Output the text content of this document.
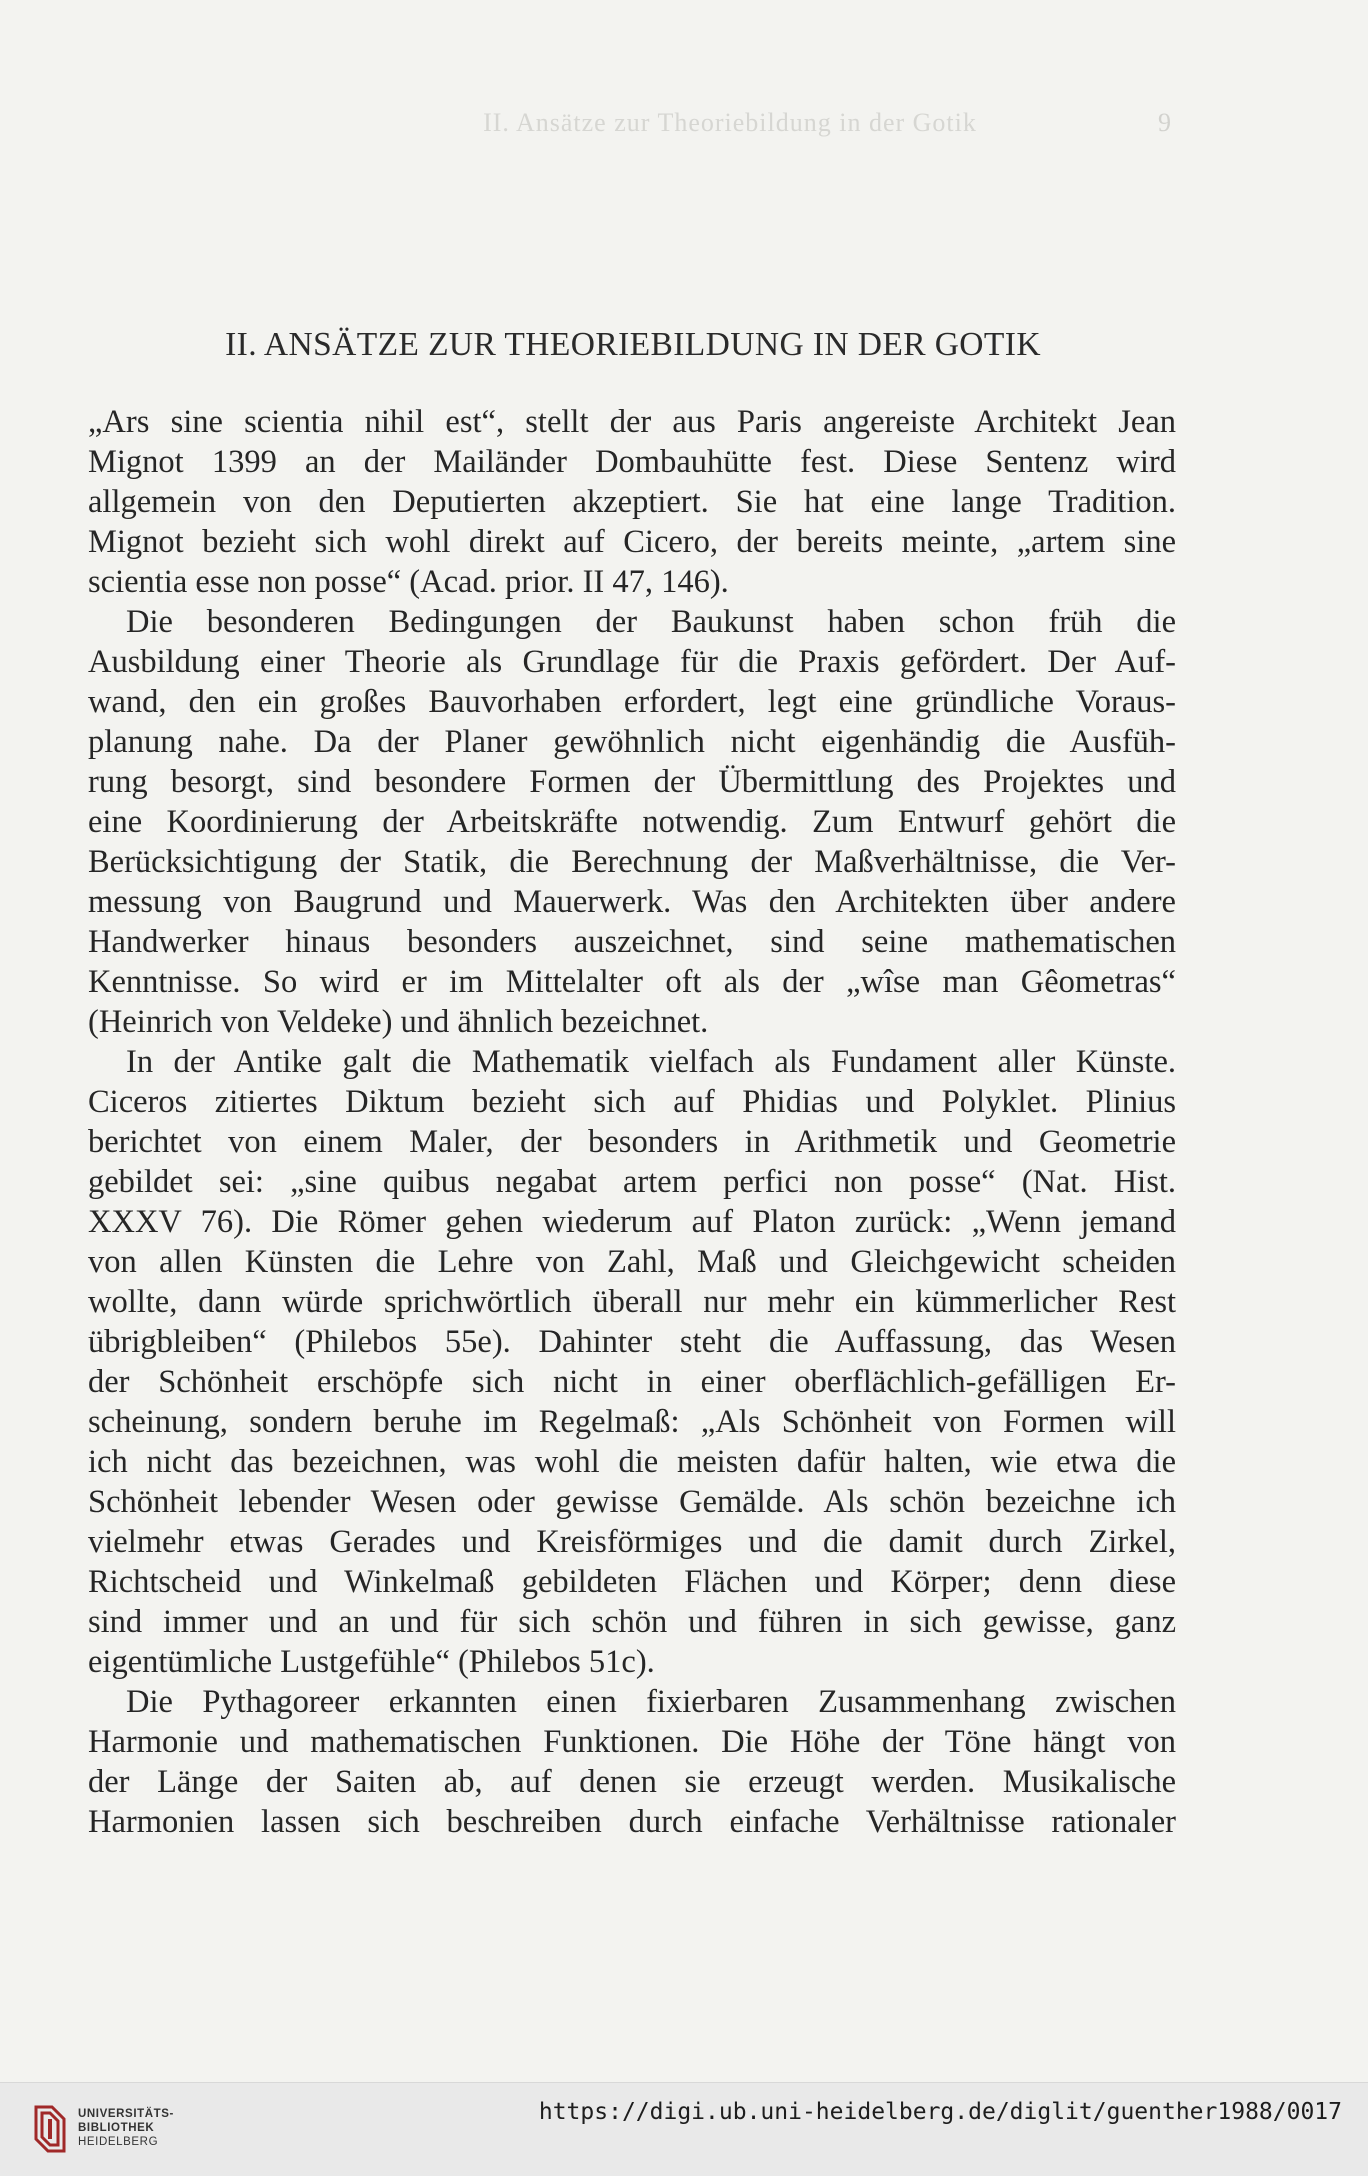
II. Ansätze zur Theoriebildung in der Gotik	9
II. ANSÄTZE ZUR THEORIEBILDUNG IN DER GOTIK
„Ars sine scientia nihil est“, stellt der aus Paris angereiste Architekt Jean
Mignot 1399 an der Mailänder Dombauhütte fest. Diese Sentenz wird
allgemein von den Deputierten akzeptiert. Sie hat eine lange Tradition.
Mignot bezieht sich wohl direkt auf Cicero, der bereits meinte, „artem sine
scientia esse non posse“ (Acad. prior. II 47, 146).
Die besonderen Bedingungen der Baukunst haben schon früh die
Ausbildung einer Theorie als Grundlage für die Praxis gefördert. Der Auf-
wand, den ein großes Bauvorhaben erfordert, legt eine gründliche Voraus-
planung nahe. Da der Planer gewöhnlich nicht eigenhändig die Ausfüh-
rung besorgt, sind besondere Formen der Übermittlung des Projektes und
eine Koordinierung der Arbeitskräfte notwendig. Zum Entwurf gehört die
Berücksichtigung der Statik, die Berechnung der Maßverhältnisse, die Ver-
messung von Baugrund und Mauerwerk. Was den Architekten über andere
Handwerker hinaus besonders auszeichnet, sind seine mathematischen
Kenntnisse. So wird er im Mittelalter oft als der „wîse man Gêometras“
(Heinrich von Veldeke) und ähnlich bezeichnet.
In der Antike galt die Mathematik vielfach als Fundament aller Künste.
Ciceros zitiertes Diktum bezieht sich auf Phidias und Polyklet. Plinius
berichtet von einem Maler, der besonders in Arithmetik und Geometrie
gebildet sei: „sine quibus negabat artem perfici non posse“ (Nat. Hist.
XXXV 76). Die Römer gehen wiederum auf Platon zurück: „Wenn jemand
von allen Künsten die Lehre von Zahl, Maß und Gleichgewicht scheiden
wollte, dann würde sprichwörtlich überall nur mehr ein kümmerlicher Rest
übrigbleiben“ (Philebos 55e). Dahinter steht die Auffassung, das Wesen
der Schönheit erschöpfe sich nicht in einer oberflächlich-gefälligen Er-
scheinung, sondern beruhe im Regelmaß: „Als Schönheit von Formen will
ich nicht das bezeichnen, was wohl die meisten dafür halten, wie etwa die
Schönheit lebender Wesen oder gewisse Gemälde. Als schön bezeichne ich
vielmehr etwas Gerades und Kreisförmiges und die damit durch Zirkel,
Richtscheid und Winkelmaß gebildeten Flächen und Körper; denn diese
sind immer und an und für sich schön und führen in sich gewisse, ganz
eigentümliche Lustgefühle“ (Philebos 51c).
Die Pythagoreer erkannten einen fixierbaren Zusammenhang zwischen
Harmonie und mathematischen Funktionen. Die Höhe der Töne hängt von
der Länge der Saiten ab, auf denen sie erzeugt werden. Musikalische
Harmonien lassen sich beschreiben durch einfache Verhältnisse rationaler
UNIVERSITÄTS-
BIBLIOTHEK
HEIDELBERG
https://digi.ub.uni-heidelberg.de/diglit/guenther1988/0017
